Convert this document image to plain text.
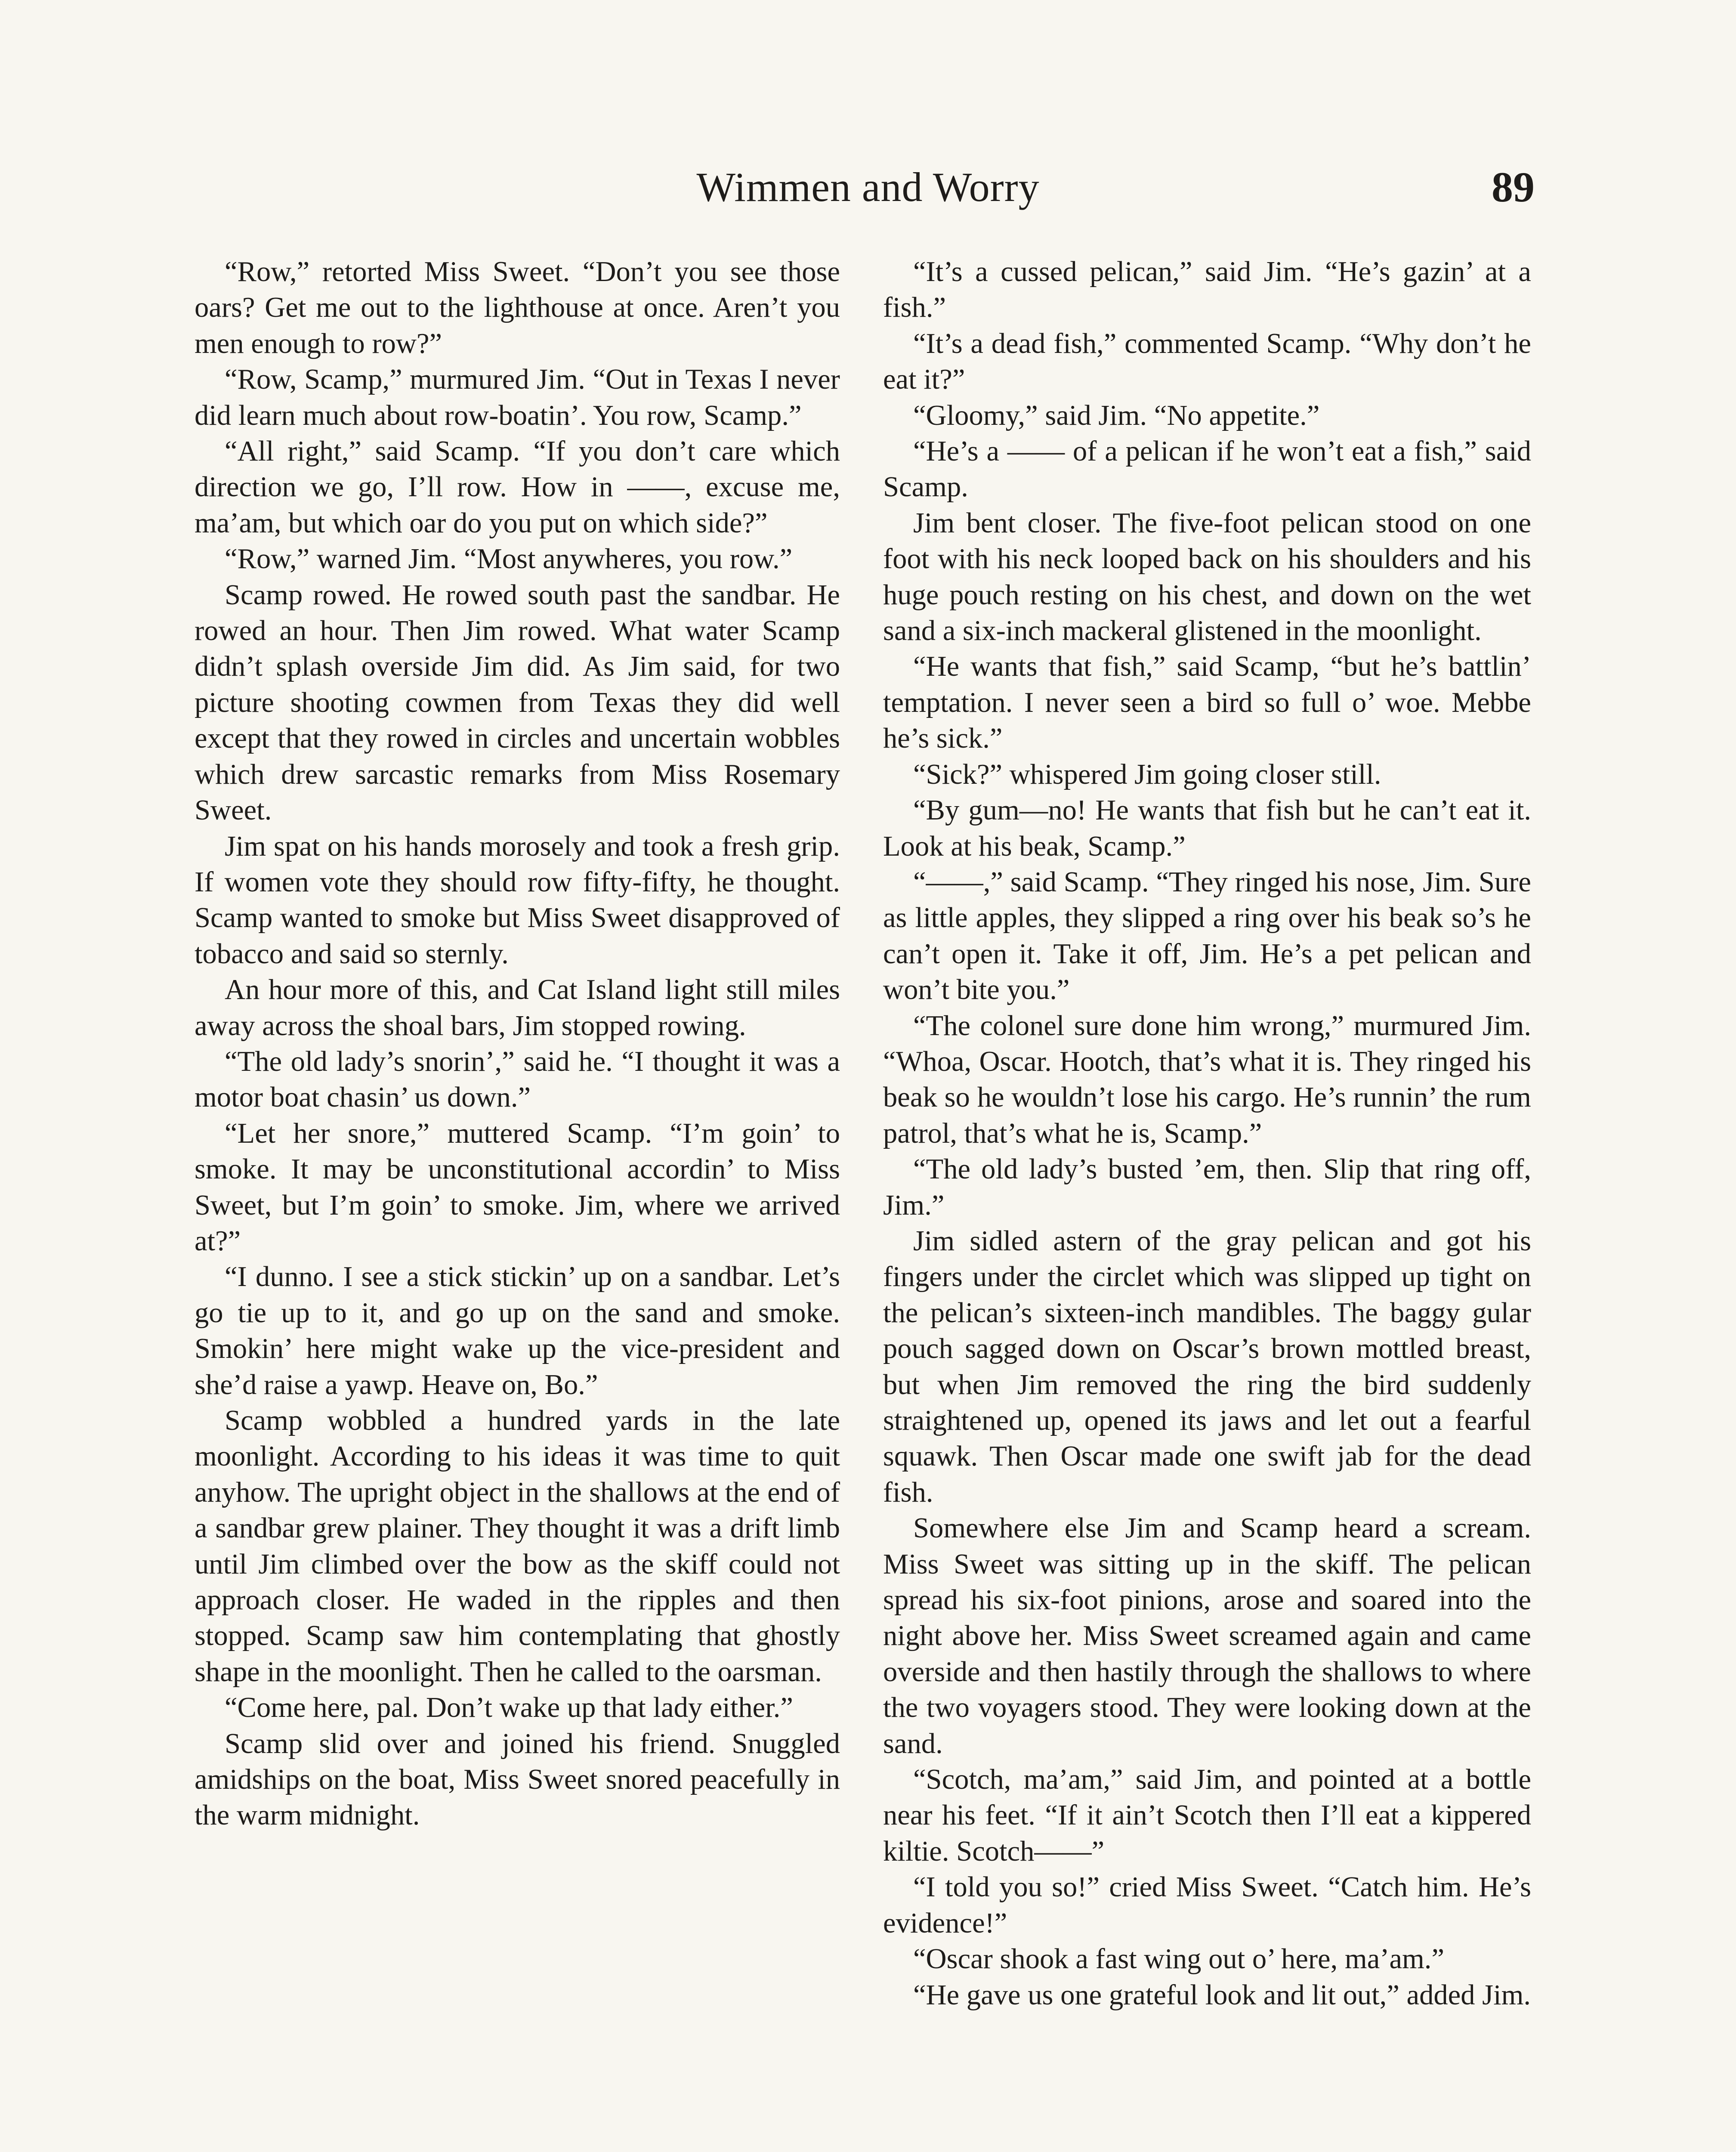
Wimmen and Worry	89

“Row,” retorted Miss Sweet. “Don’t you see those oars? Get me out to the lighthouse at once. Aren’t you men enough to row?”

“Row, Scamp,” murmured Jim. “Out in Texas I never did learn much about row-boatin’. You row, Scamp.”

“All right,” said Scamp. “If you don’t care which direction we go, I’ll row. How in ——, excuse me, ma’am, but which oar do you put on which side?”

“Row,” warned Jim. “Most anywheres, you row.”

Scamp rowed. He rowed south past the sandbar. He rowed an hour. Then Jim rowed. What water Scamp didn’t splash overside Jim did. As Jim said, for two picture shooting cowmen from Texas they did well except that they rowed in circles and uncertain wobbles which drew sarcastic remarks from Miss Rosemary Sweet.

Jim spat on his hands morosely and took a fresh grip. If women vote they should row fifty-fifty, he thought. Scamp wanted to smoke but Miss Sweet disapproved of tobacco and said so sternly.

An hour more of this, and Cat Island light still miles away across the shoal bars, Jim stopped rowing.

“The old lady’s snorin’,” said he. “I thought it was a motor boat chasin’ us down.”

“Let her snore,” muttered Scamp. “I’m goin’ to smoke. It may be unconstitutional accordin’ to Miss Sweet, but I’m goin’ to smoke. Jim, where we arrived at?”

“I dunno. I see a stick stickin’ up on a sandbar. Let’s go tie up to it, and go up on the sand and smoke. Smokin’ here might wake up the vice-president and she’d raise a yawp. Heave on, Bo.”

Scamp wobbled a hundred yards in the late moonlight. According to his ideas it was time to quit anyhow. The upright object in the shallows at the end of a sandbar grew plainer. They thought it was a drift limb until Jim climbed over the bow as the skiff could not approach closer. He waded in the ripples and then stopped. Scamp saw him contemplating that ghostly shape in the moonlight. Then he called to the oarsman.

“Come here, pal. Don’t wake up that lady either.”

Scamp slid over and joined his friend. Snuggled amidships on the boat, Miss Sweet snored peacefully in the warm midnight.

“It’s a cussed pelican,” said Jim. “He’s gazin’ at a fish.”

“It’s a dead fish,” commented Scamp. “Why don’t he eat it?”

“Gloomy,” said Jim. “No appetite.”

“He’s a —— of a pelican if he won’t eat a fish,” said Scamp.

Jim bent closer. The five-foot pelican stood on one foot with his neck looped back on his shoulders and his huge pouch resting on his chest, and down on the wet sand a six-inch mackeral glistened in the moonlight.

“He wants that fish,” said Scamp, “but he’s battlin’ temptation. I never seen a bird so full o’ woe. Mebbe he’s sick.”

“Sick?” whispered Jim going closer still.

“By gum—no! He wants that fish but he can’t eat it. Look at his beak, Scamp.”

“——,” said Scamp. “They ringed his nose, Jim. Sure as little apples, they slipped a ring over his beak so’s he can’t open it. Take it off, Jim. He’s a pet pelican and won’t bite you.”

“The colonel sure done him wrong,” murmured Jim. “Whoa, Oscar. Hootch, that’s what it is. They ringed his beak so he wouldn’t lose his cargo. He’s runnin’ the rum patrol, that’s what he is, Scamp.”

“The old lady’s busted ’em, then. Slip that ring off, Jim.”

Jim sidled astern of the gray pelican and got his fingers under the circlet which was slipped up tight on the pelican’s sixteen-inch mandibles. The baggy gular pouch sagged down on Oscar’s brown mottled breast, but when Jim removed the ring the bird suddenly straightened up, opened its jaws and let out a fearful squawk. Then Oscar made one swift jab for the dead fish.

Somewhere else Jim and Scamp heard a scream. Miss Sweet was sitting up in the skiff. The pelican spread his six-foot pinions, arose and soared into the night above her. Miss Sweet screamed again and came overside and then hastily through the shallows to where the two voyagers stood. They were looking down at the sand.

“Scotch, ma’am,” said Jim, and pointed at a bottle near his feet. “If it ain’t Scotch then I’ll eat a kippered kiltie. Scotch——”

“I told you so!” cried Miss Sweet. “Catch him. He’s evidence!”

“Oscar shook a fast wing out o’ here, ma’am.”

“He gave us one grateful look and lit out,” added Jim.
